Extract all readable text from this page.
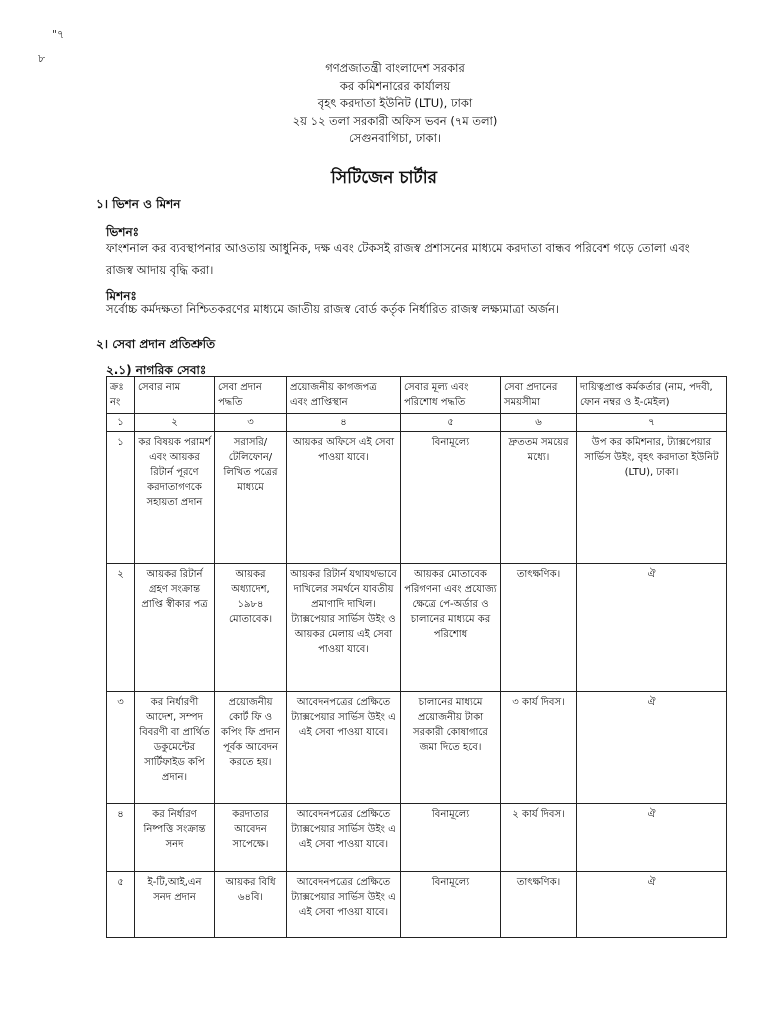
"৭
৮
গণপ্রজাতন্ত্রী বাংলাদেশ সরকার
কর কমিশনারের কার্যালয়
বৃহৎ করদাতা ইউনিট (LTU), ঢাকা
২য় ১২ তলা সরকারী অফিস ভবন (৭ম তলা)
সেগুনবাগিচা, ঢাকা।
সিটিজেন চার্টার
১। ভিশন ও মিশন
ভিশনঃ
ফাংশনাল কর ব্যবস্থাপনার আওতায় আধুনিক, দক্ষ এবং টেকসই রাজস্ব প্রশাসনের মাধ্যমে করদাতা বান্ধব পরিবেশ গড়ে তোলা এবং রাজস্ব আদায় বৃদ্ধি করা।
মিশনঃ
সর্বোচ্চ কর্মদক্ষতা নিশ্চিতকরণের মাধ্যমে জাতীয় রাজস্ব বোর্ড কর্তৃক নির্ধারিত রাজস্ব লক্ষ্যমাত্রা অর্জন।
২। সেবা প্রদান প্রতিশ্রুতি
২.১) নাগরিক সেবাঃ
ক্রঃ নং	সেবার নাম	সেবা প্রদান পদ্ধতি	প্রয়োজনীয় কাগজপত্র এবং প্রাপ্তিস্থান	সেবার মূল্য এবং পরিশোধ পদ্ধতি	সেবা প্রদানের সময়সীমা	দায়িত্বপ্রাপ্ত কর্মকর্তার (নাম, পদবী, ফোন নম্বর ও ই-মেইল)
১	২	৩	৪	৫	৬	৭
১	কর বিষয়ক পরামর্শ এবং আয়কর রিটার্ন পূরণে করদাতাগণকে সহায়তা প্রদান	সরাসরি/ টেলিফোন/ লিখিত পত্রের মাধ্যমে	আয়কর অফিসে এই সেবা পাওয়া যাবে।	বিনামূল্যে	দ্রুততম সময়ের মধ্যে।	উপ কর কমিশনার, ট্যাক্সপেয়ার সার্ভিস উইং, বৃহৎ করদাতা ইউনিট (LTU), ঢাকা।
২	আয়কর রিটার্ন গ্রহণ সংক্রান্ত প্রাপ্তি স্বীকার পত্র	আয়কর অধ্যাদেশ, ১৯৮৪ মোতাবেক।	আয়কর রিটার্ন যথাযথভাবে দাখিলের সমর্থনে যাবতীয় প্রমাণাদি দাখিল। ট্যাক্সপেয়ার সার্ভিস উইং ও আয়কর মেলায় এই সেবা পাওয়া যাবে।	আয়কর মোতাবেক পরিগণনা এবং প্রযোজ্য ক্ষেত্রে পে-অর্ডার ও চালানের মাধ্যমে কর পরিশোধ	তাৎক্ষণিক।	ঐ
৩	কর নির্ধারণী আদেশ, সম্পদ বিবরণী বা প্রার্থিত ডকুমেন্টের সার্টিফাইড কপি প্রদান।	প্রয়োজনীয় কোর্ট ফি ও কপিং ফি প্রদান পূর্বক আবেদন করতে হয়।	আবেদনপত্রের প্রেক্ষিতে ট্যাক্সপেয়ার সার্ভিস উইং এ এই সেবা পাওয়া যাবে।	চালানের মাধ্যমে প্রয়োজনীয় টাকা সরকারী কোষাগারে জমা দিতে হবে।	৩ কার্য দিবস।	ঐ
৪	কর নির্ধারণ নিষ্পত্তি সংক্রান্ত সনদ	করদাতার আবেদন সাপেক্ষে।	আবেদনপত্রের প্রেক্ষিতে ট্যাক্সপেয়ার সার্ভিস উইং এ এই সেবা পাওয়া যাবে।	বিনামূল্যে	২ কার্য দিবস।	ঐ
৫	ই-টি,আই,এন সনদ প্রদান	আয়কর বিধি ৬৪বি।	আবেদনপত্রের প্রেক্ষিতে ট্যাক্সপেয়ার সার্ভিস উইং এ এই সেবা পাওয়া যাবে।	বিনামূল্যে	তাৎক্ষণিক।	ঐ
